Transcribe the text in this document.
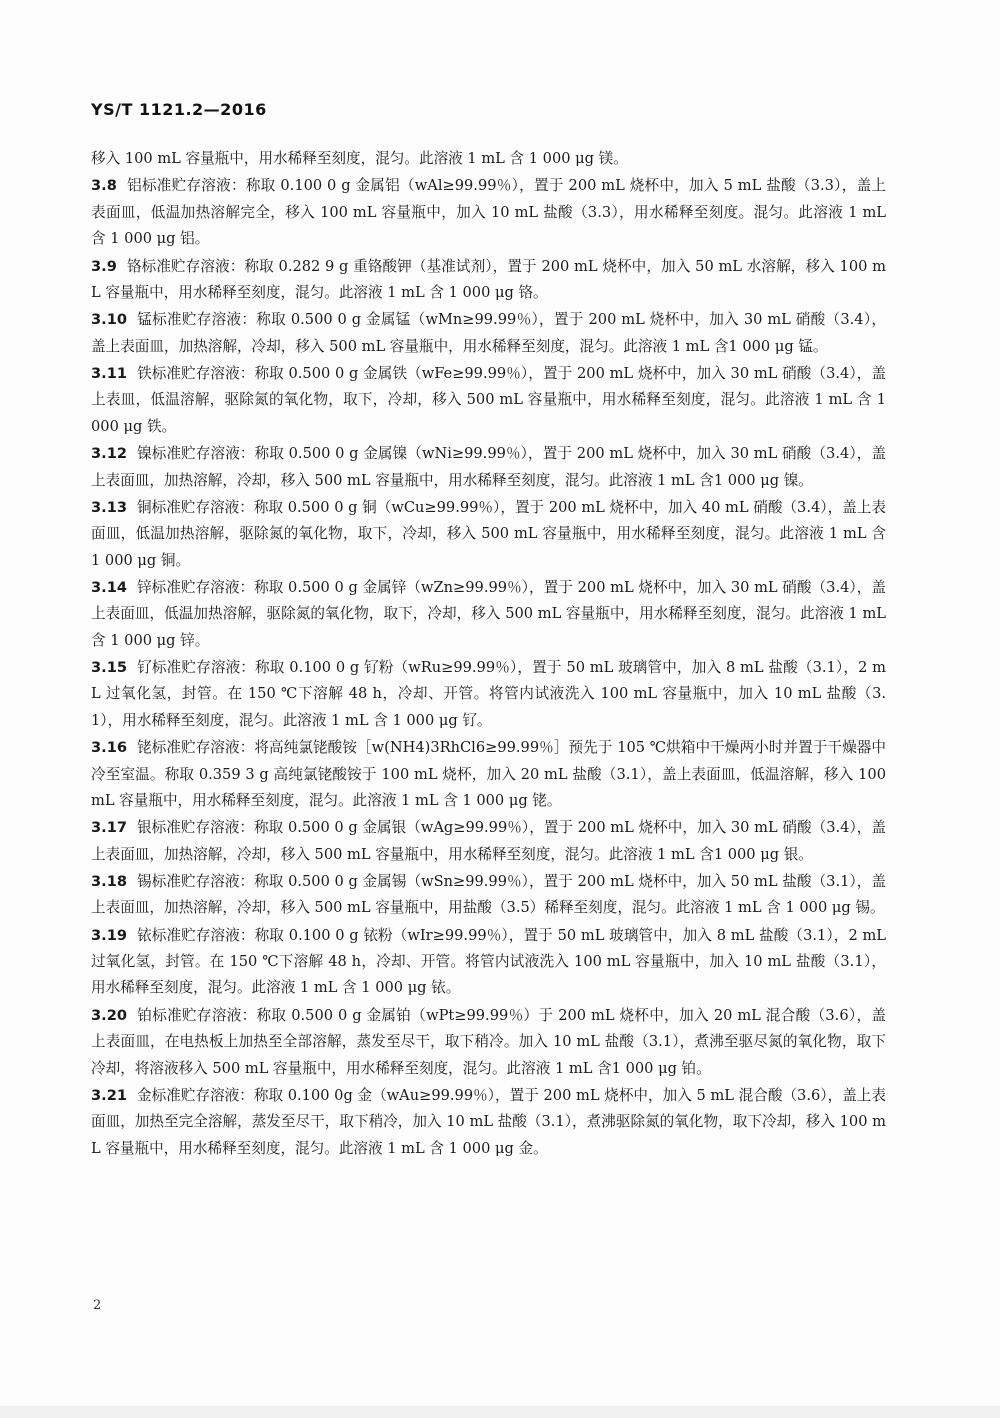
YS/T 1121.2—2016

移入 100 mL 容量瓶中，用水稀释至刻度，混匀。此溶液 1 mL 含 1 000 μg 镁。

3.8 铝标准贮存溶液：称取 0.100 0 g 金属铝（wAl≥99.99％），置于 200 mL 烧杯中，加入 5 mL 盐酸（3.3），盖上表面皿，低温加热溶解完全，移入 100 mL 容量瓶中，加入 10 mL 盐酸（3.3），用水稀释至刻度。混匀。此溶液 1 mL 含 1 000 μg 铝。

3.9 铬标准贮存溶液：称取 0.282 9 g 重铬酸钾（基准试剂），置于 200 mL 烧杯中，加入 50 mL 水溶解，移入 100 mL 容量瓶中，用水稀释至刻度，混匀。此溶液 1 mL 含 1 000 μg 铬。

3.10 锰标准贮存溶液：称取 0.500 0 g 金属锰（wMn≥99.99％），置于 200 mL 烧杯中，加入 30 mL 硝酸（3.4），盖上表面皿，加热溶解，冷却，移入 500 mL 容量瓶中，用水稀释至刻度，混匀。此溶液 1 mL 含1 000 μg 锰。

3.11 铁标准贮存溶液：称取 0.500 0 g 金属铁（wFe≥99.99％），置于 200 mL 烧杯中，加入 30 mL 硝酸（3.4），盖上表皿，低温溶解，驱除氮的氧化物，取下，冷却，移入 500 mL 容量瓶中，用水稀释至刻度，混匀。此溶液 1 mL 含 1 000 μg 铁。

3.12 镍标准贮存溶液：称取 0.500 0 g 金属镍（wNi≥99.99％），置于 200 mL 烧杯中，加入 30 mL 硝酸（3.4），盖上表面皿，加热溶解，冷却，移入 500 mL 容量瓶中，用水稀释至刻度，混匀。此溶液 1 mL 含1 000 μg 镍。

3.13 铜标准贮存溶液：称取 0.500 0 g 铜（wCu≥99.99％），置于 200 mL 烧杯中，加入 40 mL 硝酸（3.4），盖上表面皿，低温加热溶解，驱除氮的氧化物，取下，冷却，移入 500 mL 容量瓶中，用水稀释至刻度，混匀。此溶液 1 mL 含 1 000 μg 铜。

3.14 锌标准贮存溶液：称取 0.500 0 g 金属锌（wZn≥99.99％），置于 200 mL 烧杯中，加入 30 mL 硝酸（3.4），盖上表面皿，低温加热溶解，驱除氮的氧化物，取下，冷却，移入 500 mL 容量瓶中，用水稀释至刻度，混匀。此溶液 1 mL 含 1 000 μg 锌。

3.15 钌标准贮存溶液：称取 0.100 0 g 钌粉（wRu≥99.99％），置于 50 mL 玻璃管中，加入 8 mL 盐酸（3.1），2 mL 过氧化氢，封管。在 150 ℃下溶解 48 h，冷却、开管。将管内试液洗入 100 mL 容量瓶中，加入 10 mL 盐酸（3.1），用水稀释至刻度，混匀。此溶液 1 mL 含 1 000 μg 钌。

3.16 铑标准贮存溶液：将高纯氯铑酸铵［w(NH4)3RhCl6≥99.99％］预先于 105 ℃烘箱中干燥两小时并置于干燥器中冷至室温。称取 0.359 3 g 高纯氯铑酸铵于 100 mL 烧杯，加入 20 mL 盐酸（3.1），盖上表面皿，低温溶解，移入 100 mL 容量瓶中，用水稀释至刻度，混匀。此溶液 1 mL 含 1 000 μg 铑。

3.17 银标准贮存溶液：称取 0.500 0 g 金属银（wAg≥99.99％），置于 200 mL 烧杯中，加入 30 mL 硝酸（3.4），盖上表面皿，加热溶解，冷却，移入 500 mL 容量瓶中，用水稀释至刻度，混匀。此溶液 1 mL 含1 000 μg 银。

3.18 锡标准贮存溶液：称取 0.500 0 g 金属锡（wSn≥99.99％），置于 200 mL 烧杯中，加入 50 mL 盐酸（3.1），盖上表面皿，加热溶解，冷却，移入 500 mL 容量瓶中，用盐酸（3.5）稀释至刻度，混匀。此溶液 1 mL 含 1 000 μg 锡。

3.19 铱标准贮存溶液：称取 0.100 0 g 铱粉（wIr≥99.99％），置于 50 mL 玻璃管中，加入 8 mL 盐酸（3.1），2 mL 过氧化氢，封管。在 150 ℃下溶解 48 h，冷却、开管。将管内试液洗入 100 mL 容量瓶中，加入 10 mL 盐酸（3.1），用水稀释至刻度，混匀。此溶液 1 mL 含 1 000 μg 铱。

3.20 铂标准贮存溶液：称取 0.500 0 g 金属铂（wPt≥99.99％）于 200 mL 烧杯中，加入 20 mL 混合酸（3.6），盖上表面皿，在电热板上加热至全部溶解，蒸发至尽干，取下稍冷。加入 10 mL 盐酸（3.1），煮沸至驱尽氮的氧化物，取下冷却，将溶液移入 500 mL 容量瓶中，用水稀释至刻度，混匀。此溶液 1 mL 含1 000 μg 铂。

3.21 金标准贮存溶液：称取 0.100 0g 金（wAu≥99.99％），置于 200 mL 烧杯中，加入 5 mL 混合酸（3.6），盖上表面皿，加热至完全溶解，蒸发至尽干，取下稍冷，加入 10 mL 盐酸（3.1），煮沸驱除氮的氧化物，取下冷却，移入 100 mL 容量瓶中，用水稀释至刻度，混匀。此溶液 1 mL 含 1 000 μg 金。

2
